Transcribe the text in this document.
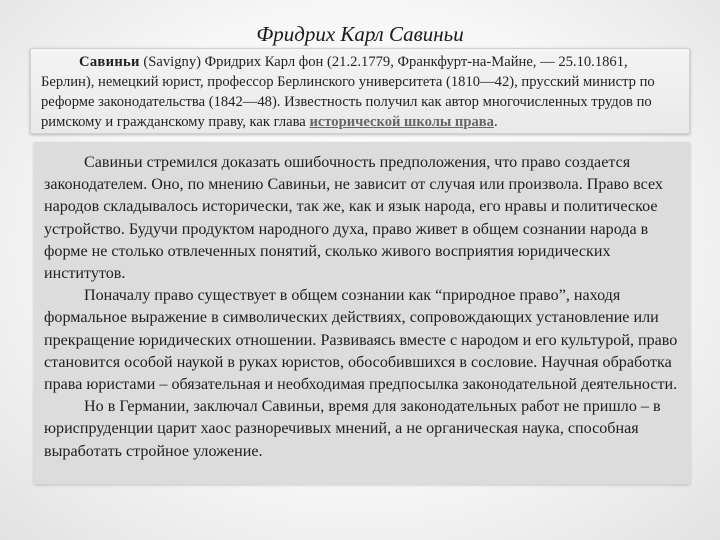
Фридрих Карл Савиньи
Савиньи (Savigny) Фридрих Карл фон (21.2.1779, Франкфурт-на-Майне, — 25.10.1861, Берлин), немецкий юрист, профессор Берлинского университета (1810—42), прусский министр по реформе законодательства (1842—48). Известность получил как автор многочисленных трудов по римскому и гражданскому праву, как глава исторической школы права.

Савиньи стремился доказать ошибочность предположения, что право создается законодателем. Оно, по мнению Савиньи, не зависит от случая или произвола. Право всех народов складывалось исторически, так же, как и язык народа, его нравы и политическое устройство. Будучи продуктом народного духа, право живет в общем сознании народа в форме не столько отвлеченных понятий, сколько живого восприятия юридических институтов.

Поначалу право существует в общем сознании как “природное право”, находя формальное выражение в символических действиях, сопровождающих установление или прекращение юридических отношении. Развиваясь вместе с народом и его культурой, право становится особой наукой в руках юристов, обособившихся в сословие. Научная обработка права юристами – обязательная и необходимая предпосылка законодательной деятельности.

Но в Германии, заключал Савиньи, время для законодательных работ не пришло – в юриспруденции царит хаос разноречивых мнений, а не органическая наука, способная выработать стройное уложение.
